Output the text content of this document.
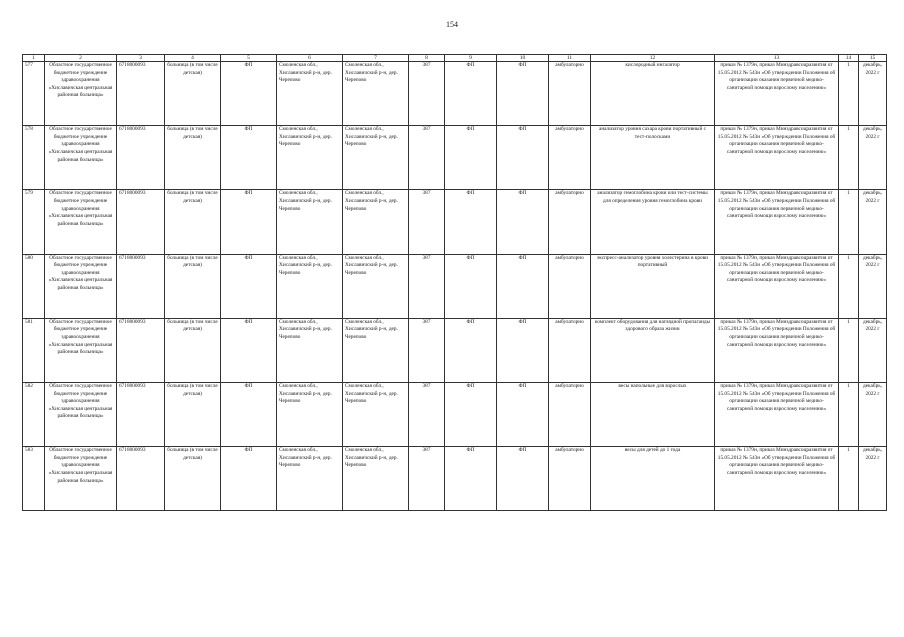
154
1	2	3	4	5	6	7	8	9	10	11	12	13	14	15
577	Областное государственное бюджетное учреждение здравоохранения «Хиславичская центральная районная больница»	6718000093	больница (в том числе детская)	ФП	Смоленская обл., Хиславичский р-н, дер. Черепово	Смоленская обл., Хиславичский р-н, дер. Черепово	387	ФП	ФП	амбулаторно	кислородный ингалятор	приказ № 1379н, приказ Минздравсоцразвития от 15.05.2012 № 543н «Об утверждении Положения об организации оказания первичной медико-санитарной помощи взрослому населению»	1	декабрь, 2022 г
578	Областное государственное бюджетное учреждение здравоохранения «Хиславичская центральная районная больница»	6718000093	больница (в том числе детская)	ФП	Смоленская обл., Хиславичский р-н, дер. Черепово	Смоленская обл., Хиславичский р-н, дер. Черепово	387	ФП	ФП	амбулаторно	анализатор уровня сахара крови портативный с тест-полосками	приказ № 1379н, приказ Минздравсоцразвития от 15.05.2012 № 543н «Об утверждении Положения об организации оказания первичной медико-санитарной помощи взрослому населению»	1	декабрь, 2022 г
579	Областное государственное бюджетное учреждение здравоохранения «Хиславичская центральная районная больница»	6718000093	больница (в том числе детская)	ФП	Смоленская обл., Хиславичский р-н, дер. Черепово	Смоленская обл., Хиславичский р-н, дер. Черепово	387	ФП	ФП	амбулаторно	анализатор гемоглобина крови или тест-системы для определения уровня гемоглобина крови	приказ № 1379н, приказ Минздравсоцразвития от 15.05.2012 № 543н «Об утверждении Положения об организации оказания первичной медико-санитарной помощи взрослому населению»	1	декабрь, 2022 г
580	Областное государственное бюджетное учреждение здравоохранения «Хиславичская центральная районная больница»	6718000093	больница (в том числе детская)	ФП	Смоленская обл., Хиславичский р-н, дер. Черепово	Смоленская обл., Хиславичский р-н, дер. Черепово	387	ФП	ФП	амбулаторно	экспресс-анализатор уровня холестерина в крови портативный	приказ № 1379н, приказ Минздравсоцразвития от 15.05.2012 № 543н «Об утверждении Положения об организации оказания первичной медико-санитарной помощи взрослому населению»	1	декабрь, 2022 г
581	Областное государственное бюджетное учреждение здравоохранения «Хиславичская центральная районная больница»	6718000093	больница (в том числе детская)	ФП	Смоленская обл., Хиславичский р-н, дер. Черепово	Смоленская обл., Хиславичский р-н, дер. Черепово	387	ФП	ФП	амбулаторно	комплект оборудования для наглядной пропаганды здорового образа жизни	приказ № 1379н, приказ Минздравсоцразвития от 15.05.2012 № 543н «Об утверждении Положения об организации оказания первичной медико-санитарной помощи взрослому населению»	1	декабрь, 2022 г
582	Областное государственное бюджетное учреждение здравоохранения «Хиславичская центральная районная больница»	6718000093	больница (в том числе детская)	ФП	Смоленская обл., Хиславичский р-н, дер. Черепово	Смоленская обл., Хиславичский р-н, дер. Черепово	387	ФП	ФП	амбулаторно	весы напольные для взрослых	приказ № 1379н, приказ Минздравсоцразвития от 15.05.2012 № 543н «Об утверждении Положения об организации оказания первичной медико-санитарной помощи взрослому населению»	1	декабрь, 2022 г
583	Областное государственное бюджетное учреждение здравоохранения «Хиславичская центральная районная больница»	6718000093	больница (в том числе детская)	ФП	Смоленская обл., Хиславичский р-н, дер. Черепово	Смоленская обл., Хиславичский р-н, дер. Черепово	387	ФП	ФП	амбулаторно	весы для детей до 1 года	приказ № 1379н, приказ Минздравсоцразвития от 15.05.2012 № 543н «Об утверждении Положения об организации оказания первичной медико-санитарной помощи взрослому населению»	1	декабрь, 2022 г
